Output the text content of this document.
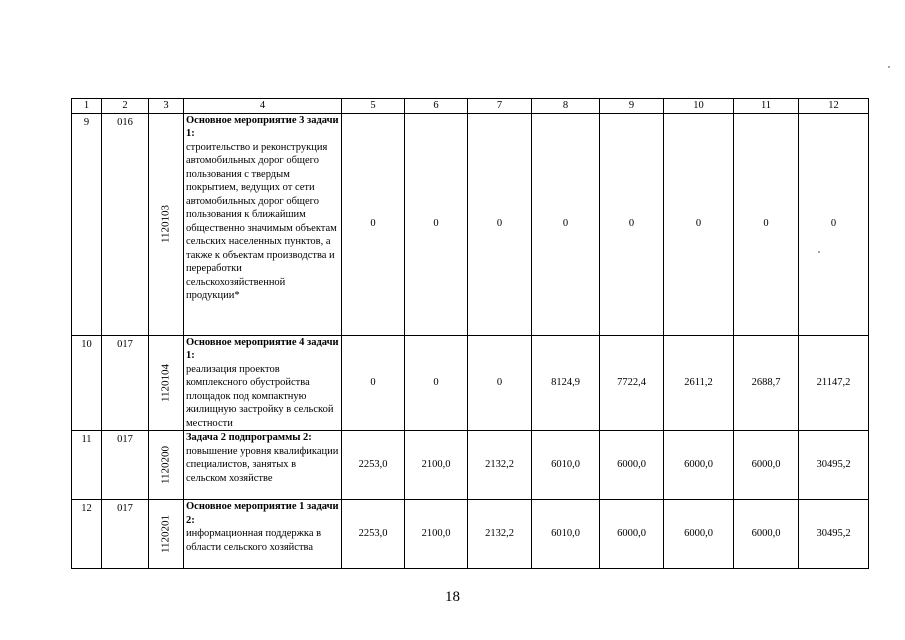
1	2	3	4	5	6	7	8	9	10	11	12
9	016	1120103	Основное мероприятие 3 задачи 1:
строительство и реконструкция автомобильных дорог общего пользования с твердым покрытием, ведущих от сети автомобильных дорог общего пользования к ближайшим общественно значимым объектам сельских населенных пунктов, а также к объектам производства и переработки сельскохозяйственной продукции*	0	0	0	0	0	0	0	0
10	017	1120104	Основное мероприятие 4 задачи 1:
реализация проектов комплексного обустройства площадок под компактную жилищную застройку в сельской местности	0	0	0	8124,9	7722,4	2611,2	2688,7	21147,2
11	017	1120200	Задача 2 подпрограммы 2:
повышение уровня квалификации специалистов, занятых в сельском хозяйстве	2253,0	2100,0	2132,2	6010,0	6000,0	6000,0	6000,0	30495,2
12	017	1120201	Основное мероприятие 1 задачи 2:
информационная поддержка в области сельского хозяйства	2253,0	2100,0	2132,2	6010,0	6000,0	6000,0	6000,0	30495,2
18
